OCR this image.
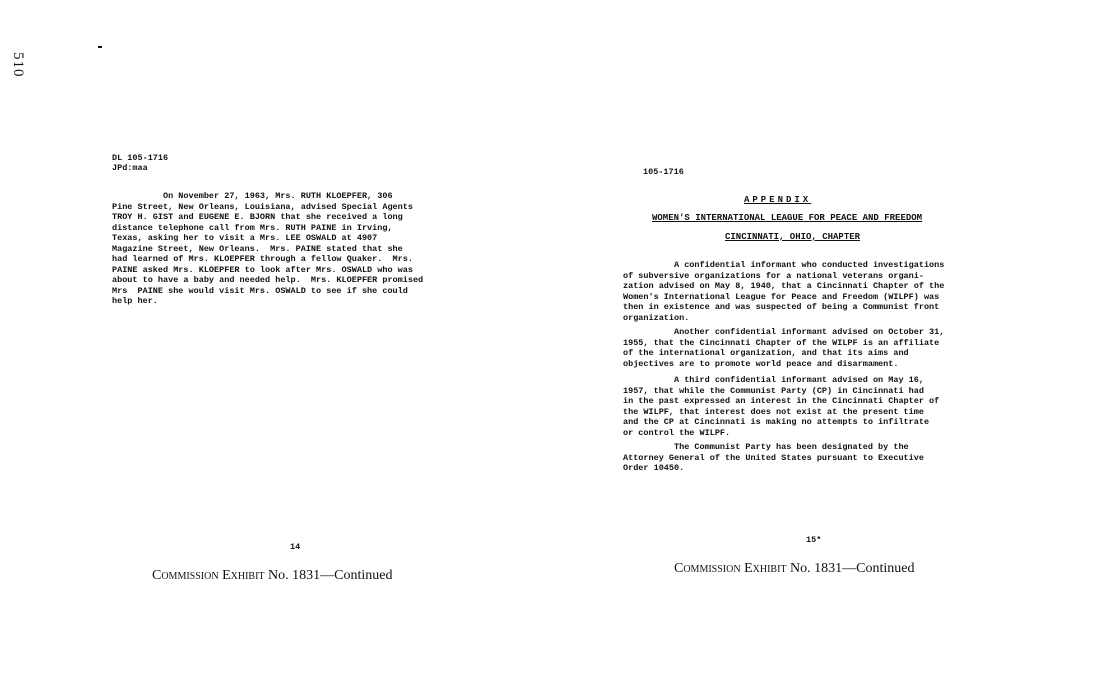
510
DL 105-1716
JPd:maa
On November 27, 1963, Mrs. RUTH KLOEPFER, 306
Pine Street, New Orleans, Louisiana, advised Special Agents
TROY H. GIST and EUGENE E. BJORN that she received a long
distance telephone call from Mrs. RUTH PAINE in Irving,
Texas, asking her to visit a Mrs. LEE OSWALD at 4907
Magazine Street, New Orleans.  Mrs. PAINE stated that she
had learned of Mrs. KLOEPFER through a fellow Quaker.  Mrs.
PAINE asked Mrs. KLOEPFER to look after Mrs. OSWALD who was
about to have a baby and needed help.  Mrs. KLOEPFER promised
Mrs  PAINE she would visit Mrs. OSWALD to see if she could
help her.
14
Commission Exhibit No. 1831—Continued
105-1716
APPENDIX
WOMEN'S INTERNATIONAL LEAGUE FOR PEACE AND FREEDOM
CINCINNATI, OHIO, CHAPTER
A confidential informant who conducted investigations
of subversive organizations for a national veterans organi-
zation advised on May 8, 1940, that a Cincinnati Chapter of the
Women's International League for Peace and Freedom (WILPF) was
then in existence and was suspected of being a Communist front
organization.
Another confidential informant advised on October 31,
1955, that the Cincinnati Chapter of the WILPF is an affiliate
of the international organization, and that its aims and
objectives are to promote world peace and disarmament.
A third confidential informant advised on May 16,
1957, that while the Communist Party (CP) in Cincinnati had
in the past expressed an interest in the Cincinnati Chapter of
the WILPF, that interest does not exist at the present time
and the CP at Cincinnati is making no attempts to infiltrate
or control the WILPF.
The Communist Party has been designated by the
Attorney General of the United States pursuant to Executive
Order 10450.
15*
Commission Exhibit No. 1831—Continued
